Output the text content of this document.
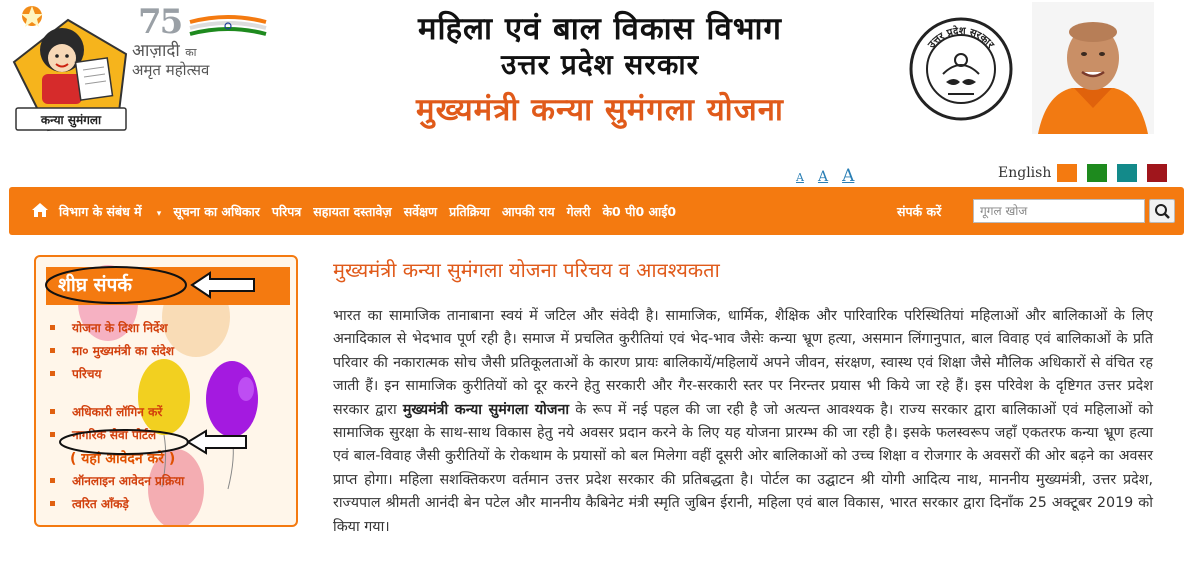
कन्या सुमंगला
75
आज़ादी का
अमृत महोत्सव
महिला एवं बाल विकास विभाग
उत्तर प्रदेश सरकार
मुख्यमंत्री कन्या सुमंगला योजना
उत्तर प्रदेश सरकार
A A A	English
विभाग के संबंध में ▾ सूचना का अधिकार परिपत्र सहायता दस्तावेज़ सर्वेक्षण प्रतिक्रिया आपकी राय गेलरी के0 पी0 आई0	संपर्क करें
गूगल खोज
शीघ्र संपर्क
योजना के दिशा निर्देश
मा० मुख्यमंत्री का संदेश
परिचय
अधिकारी लॉगिन करें
नागरिक सेवा पोर्टल
( यहां आवेदन करें )
ऑनलाइन आवेदन प्रक्रिया
त्वरित आँकड़े
मुख्यमंत्री कन्या सुमंगला योजना परिचय व आवश्यकता
भारत का सामाजिक तानाबाना स्वयं में जटिल और संवेदी है। सामाजिक, धार्मिक, शैक्षिक और पारिवारिक परिस्थितियां महिलाओं और बालिकाओं के लिए अनादिकाल से भेदभाव पूर्ण रही है। समाज में प्रचलित कुरीतियां एवं भेद-भाव जैसेः कन्या भ्रूण हत्या, असमान लिंगानुपात, बाल विवाह एवं बालिकाओं के प्रति परिवार की नकारात्मक सोच जैसी प्रतिकूलताओं के कारण प्रायः बालिकायें/महिलायें अपने जीवन, संरक्षण, स्वास्थ एवं शिक्षा जैसे मौलिक अधिकारों से वंचित रह जाती हैं। इन सामाजिक कुरीतियों को दूर करने हेतु सरकारी और गैर-सरकारी स्तर पर निरन्तर प्रयास भी किये जा रहे हैं। इस परिवेश के दृष्टिगत उत्तर प्रदेश सरकार द्वारा मुख्यमंत्री कन्या सुमंगला योजना के रूप में नई पहल की जा रही है जो अत्यन्त आवश्यक है। राज्य सरकार द्वारा बालिकाओं एवं महिलाओं को सामाजिक सुरक्षा के साथ-साथ विकास हेतु नये अवसर प्रदान करने के लिए यह योजना प्रारम्भ की जा रही है। इसके फलस्वरूप जहाँ एकतरफ कन्या भ्रूण हत्या एवं बाल-विवाह जैसी कुरीतियों के रोकथाम के प्रयासों को बल मिलेगा वहीं दूसरी ओर बालिकाओं को उच्च शिक्षा व रोजगार के अवसरों की ओर बढ़ने का अवसर प्राप्त होगा। महिला सशक्तिकरण वर्तमान उत्तर प्रदेश सरकार की प्रतिबद्धता है। पोर्टल का उद्घाटन श्री योगी आदित्य नाथ, माननीय मुख्यमंत्री, उत्तर प्रदेश, राज्यपाल श्रीमती आनंदी बेन पटेल और माननीय कैबिनेट मंत्री स्मृति जुबिन ईरानी, महिला एवं बाल विकास, भारत सरकार द्वारा दिनाँक 25 अक्टूबर 2019 को किया गया।
